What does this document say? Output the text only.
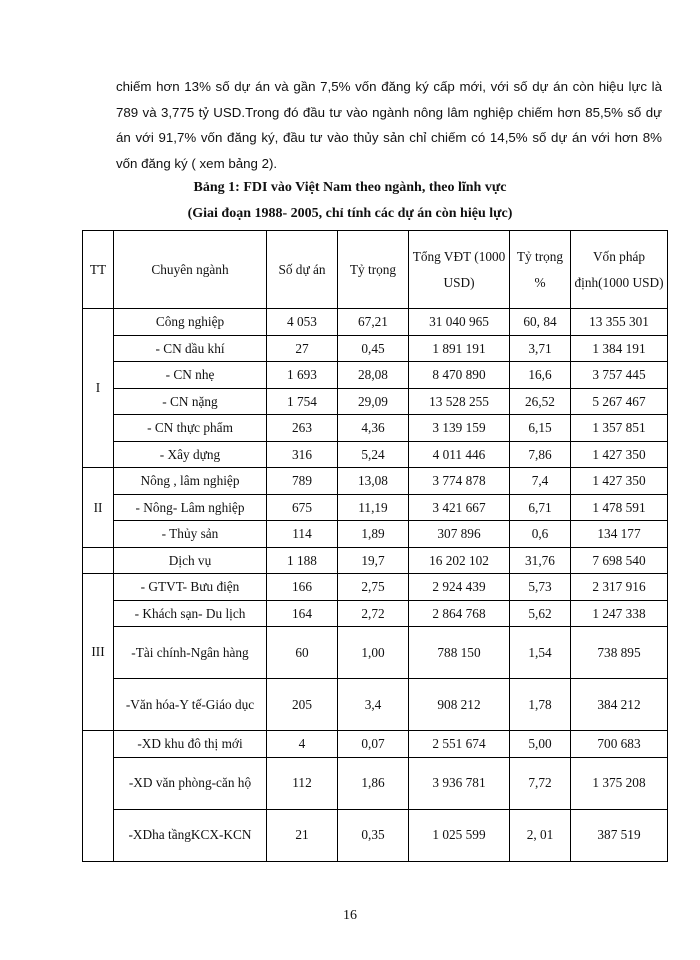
chiếm hơn 13% số dự án và gần 7,5% vốn đăng ký cấp mới, với số dự án còn hiệu lực là 789 và 3,775 tỷ USD.Trong đó đầu tư vào ngành nông lâm nghiệp chiếm hơn 85,5% số dự án với 91,7% vốn đăng ký, đầu tư vào thủy sản chỉ chiếm có 14,5% số dự án với hơn 8% vốn đăng ký ( xem bảng 2).
Bảng 1: FDI vào Việt Nam theo ngành, theo lĩnh vực
(Giai đoạn 1988- 2005, chỉ tính các dự án còn hiệu lực)
TT	Chuyên ngành	Số dự án	Tỷ trọng	Tổng VĐT (1000 USD)	Tỷ trọng %	Vốn pháp định(1000 USD)
I	Công nghiệp	4 053	67,21	31 040 965	60, 84	13 355 301
	- CN dầu khí	27	0,45	1 891 191	3,71	1 384 191
	- CN nhẹ	1 693	28,08	8 470 890	16,6	3 757 445
	- CN nặng	1 754	29,09	13 528 255	26,52	5 267 467
	- CN thực phẩm	263	4,36	3 139 159	6,15	1 357 851
	- Xây dựng	316	5,24	4 011 446	7,86	1 427 350
II	Nông , lâm nghiệp	789	13,08	3 774 878	7,4	1 427 350
	- Nông- Lâm nghiệp	675	11,19	3 421 667	6,71	1 478 591
	- Thủy sản	114	1,89	307 896	0,6	134 177
	Dịch vụ	1 188	19,7	16 202 102	31,76	7 698 540
III	- GTVT- Bưu điện	166	2,75	2 924 439	5,73	2 317 916
	- Khách sạn- Du lịch	164	2,72	2 864 768	5,62	1 247 338
	-Tài chính-Ngân hàng	60	1,00	788 150	1,54	738 895
	-Văn hóa-Y tế-Giáo dục	205	3,4	908 212	1,78	384 212
	-XD khu đô thị mới	4	0,07	2 551 674	5,00	700 683
	-XD văn phòng-căn hộ	112	1,86	3 936 781	7,72	1 375 208
	-XDha tầngKCX-KCN	21	0,35	1 025 599	2, 01	387 519
16
